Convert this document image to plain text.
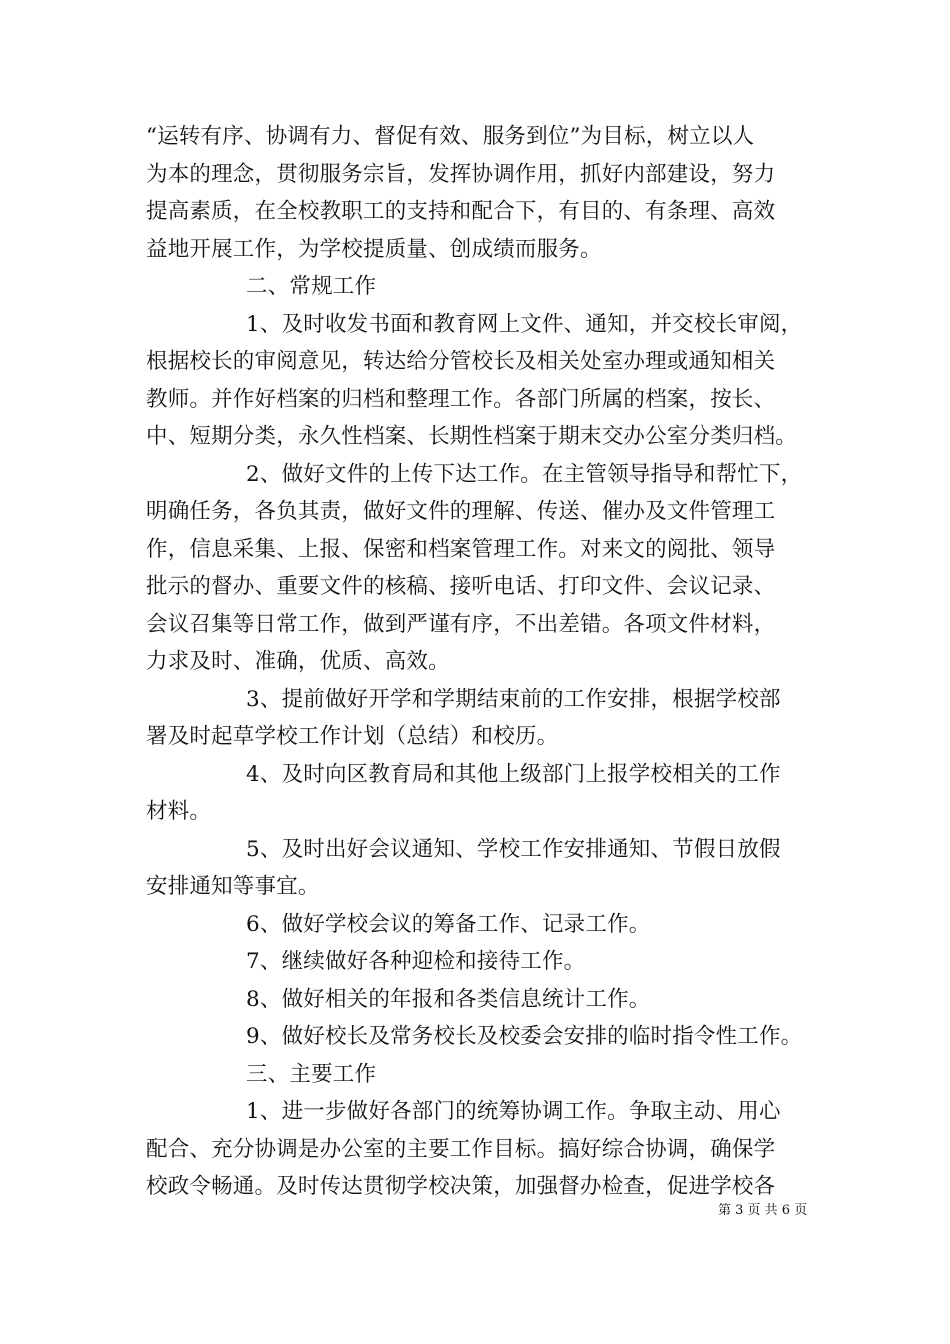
“运转有序、协调有力、督促有效、服务到位”为目标，树立以人
为本的理念，贯彻服务宗旨，发挥协调作用，抓好内部建设，努力
提高素质，在全校教职工的支持和配合下，有目的、有条理、高效
益地开展工作，为学校提质量、创成绩而服务。
二、常规工作
1、及时收发书面和教育网上文件、通知，并交校长审阅，
根据校长的审阅意见，转达给分管校长及相关处室办理或通知相关
教师。并作好档案的归档和整理工作。各部门所属的档案，按长、
中、短期分类，永久性档案、长期性档案于期末交办公室分类归档。
2、做好文件的上传下达工作。在主管领导指导和帮忙下，
明确任务，各负其责，做好文件的理解、传送、催办及文件管理工
作，信息采集、上报、保密和档案管理工作。对来文的阅批、领导
批示的督办、重要文件的核稿、接听电话、打印文件、会议记录、
会议召集等日常工作，做到严谨有序，不出差错。各项文件材料，
力求及时、准确，优质、高效。
3、提前做好开学和学期结束前的工作安排，根据学校部
署及时起草学校工作计划（总结）和校历。
4、及时向区教育局和其他上级部门上报学校相关的工作
材料。
5、及时出好会议通知、学校工作安排通知、节假日放假
安排通知等事宜。
6、做好学校会议的筹备工作、记录工作。
7、继续做好各种迎检和接待工作。
8、做好相关的年报和各类信息统计工作。
9、做好校长及常务校长及校委会安排的临时指令性工作。
三、主要工作
1、进一步做好各部门的统筹协调工作。争取主动、用心
配合、充分协调是办公室的主要工作目标。搞好综合协调，确保学
校政令畅通。及时传达贯彻学校决策，加强督办检查，促进学校各
第 3 页 共 6 页
